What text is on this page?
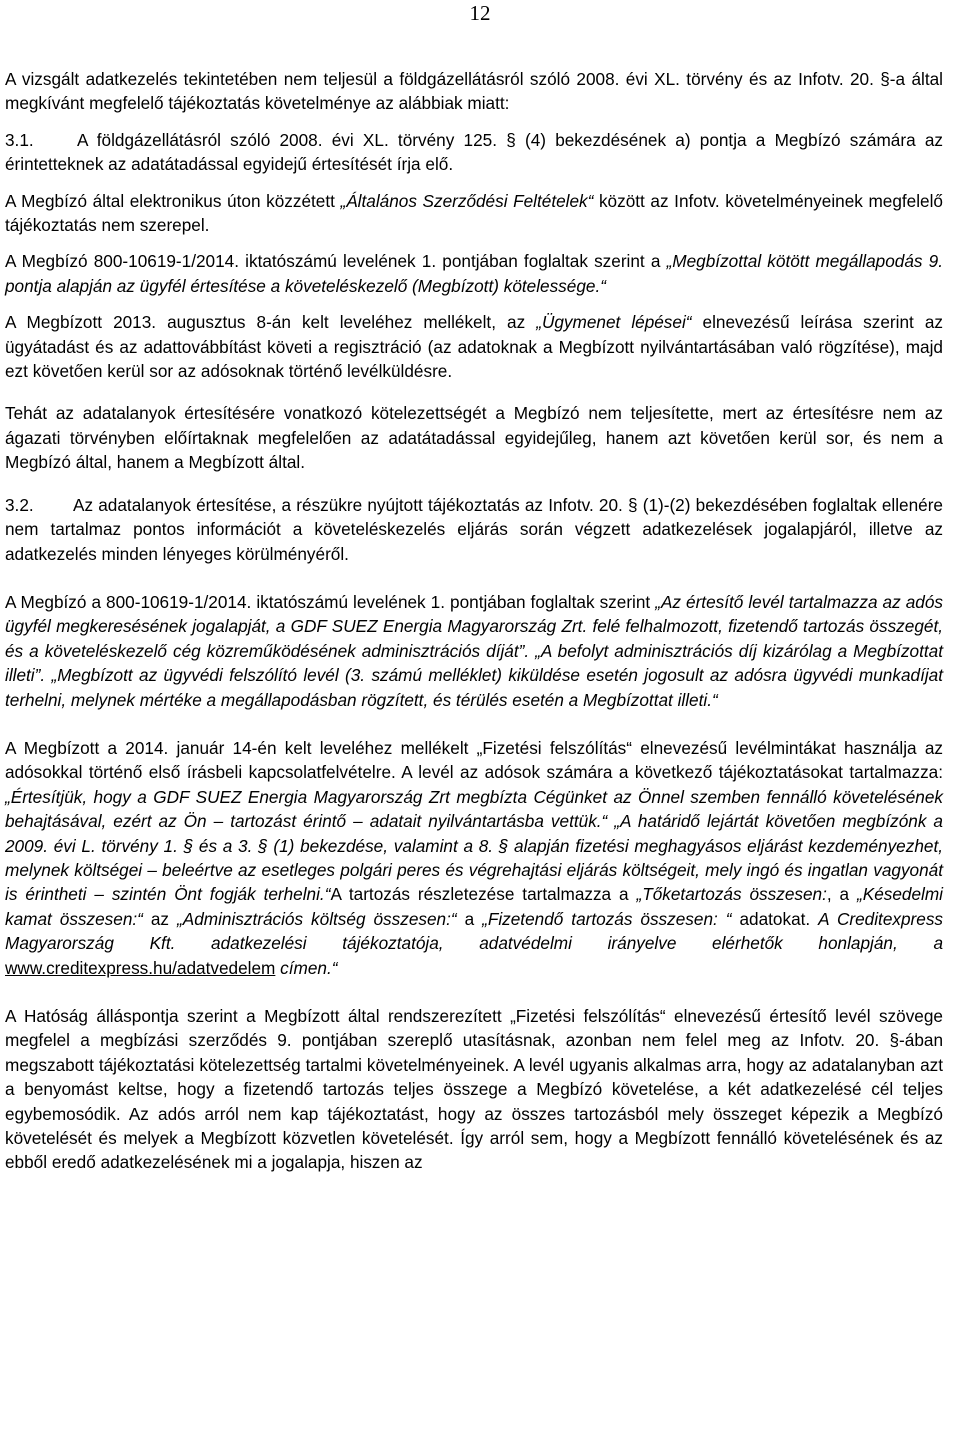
12

A vizsgált adatkezelés tekintetében nem teljesül a földgázellátásról szóló 2008. évi XL. törvény és az Infotv. 20. §-a által megkívánt megfelelő tájékoztatás követelménye az alábbiak miatt:

3.1.	A földgázellátásról szóló 2008. évi XL. törvény 125. § (4) bekezdésének a) pontja a Megbízó számára az érintetteknek az adatátadással egyidejű értesítését írja elő.

A Megbízó által elektronikus úton közzétett „Általános Szerződési Feltételek“ között az Infotv. követelményeinek megfelelő tájékoztatás nem szerepel.

A Megbízó 800-10619-1/2014. iktatószámú levelének 1. pontjában foglaltak szerint a „Megbízottal kötött megállapodás 9. pontja alapján az ügyfél értesítése a követeléskezelő (Megbízott) kötelessége.“

A Megbízott 2013. augusztus 8-án kelt leveléhez mellékelt, az „Ügymenet lépései“ elnevezésű leírása szerint az ügyátadást és az adattovábbítást követi a regisztráció (az adatoknak a Megbízott nyilvántartásában való rögzítése), majd ezt követően kerül sor az adósoknak történő levélküldésre.

Tehát az adatalanyok értesítésére vonatkozó kötelezettségét a Megbízó nem teljesítette, mert az értesítésre nem az ágazati törvényben előírtaknak megfelelően az adatátadással egyidejűleg, hanem azt követően kerül sor, és nem a Megbízó által, hanem a Megbízott által.

3.2. Az adatalanyok értesítése, a részükre nyújtott tájékoztatás az Infotv. 20. § (1)-(2) bekezdésében foglaltak ellenére nem tartalmaz pontos információt a követeléskezelés eljárás során végzett adatkezelések jogalapjáról, illetve az adatkezelés minden lényeges körülményéről.

A Megbízó a 800-10619-1/2014. iktatószámú levelének 1. pontjában foglaltak szerint „Az értesítő levél tartalmazza az adós ügyfél megkeresésének jogalapját, a GDF SUEZ Energia Magyarország Zrt. felé felhalmozott, fizetendő tartozás összegét, és a követeléskezelő cég közreműködésének adminisztrációs díját”. „A befolyt adminisztrációs díj kizárólag a Megbízottat illeti”. „Megbízott az ügyvédi felszólító levél (3. számú melléklet) kiküldése esetén jogosult az adósra ügyvédi munkadíjat terhelni, melynek mértéke a megállapodásban rögzített, és térülés esetén a Megbízottat illeti.“

A Megbízott a 2014. január 14-én kelt leveléhez mellékelt „Fizetési felszólítás“ elnevezésű levélmintákat használja az adósokkal történő első írásbeli kapcsolatfelvételre. A levél az adósok számára a következő tájékoztatásokat tartalmazza: „Értesítjük, hogy a GDF SUEZ Energia Magyarország Zrt megbízta Cégünket az Önnel szemben fennálló követelésének behajtásával, ezért az Ön – tartozást érintő – adatait nyilvántartásba vettük.“ „A határidő lejártát követően megbízónk a 2009. évi L. törvény 1. § és a 3. § (1) bekezdése, valamint a 8. § alapján fizetési meghagyásos eljárást kezdeményezhet, melynek költségei – beleértve az esetleges polgári peres és végrehajtási eljárás költségeit, mely ingó és ingatlan vagyonát is érintheti – szintén Önt fogják terhelni.“A tartozás részletezése tartalmazza a „Tőketartozás összesen:, a „Késedelmi kamat összesen:“ az „Adminisztrációs költség összesen:“ a „Fizetendő tartozás összesen: “ adatokat. A Creditexpress Magyarország Kft. adatkezelési tájékoztatója, adatvédelmi irányelve elérhetők honlapján, a www.creditexpress.hu/adatvedelem címen.“

A Hatóság álláspontja szerint a Megbízott által rendszerezített „Fizetési felszólítás“ elnevezésű értesítő levél szövege megfelel a megbízási szerződés 9. pontjában szereplő utasításnak, azonban nem felel meg az Infotv. 20. §-ában megszabott tájékoztatási kötelezettség tartalmi követelményeinek. A levél ugyanis alkalmas arra, hogy az adatalanyban azt a benyomást keltse, hogy a fizetendő tartozás teljes összege a Megbízó követelése, a két adatkezelésé cél teljes egybemosódik. Az adós arról nem kap tájékoztatást, hogy az összes tartozásból mely összeget képezik a Megbízó követelését és melyek a Megbízott közvetlen követelését. Így arról sem, hogy a Megbízott fennálló követelésének és az ebből eredő adatkezelésének mi a jogalapja, hiszen az
